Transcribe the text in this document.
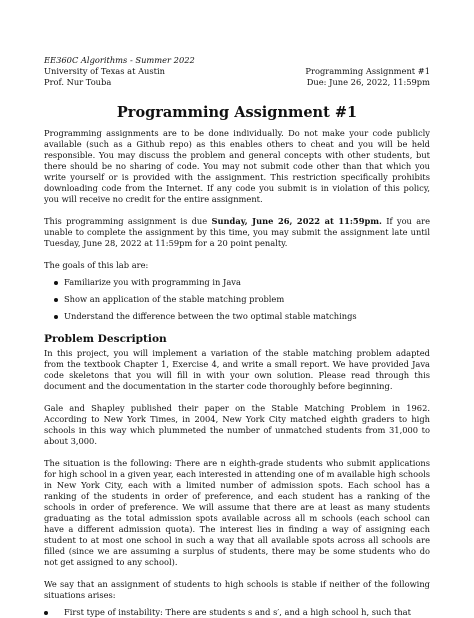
EE360C Algorithms - Summer 2022
University of Texas at Austin	Programming Assignment #1
Prof. Nur Touba	Due: June 26, 2022, 11:59pm
Programming Assignment #1

Programming assignments are to be done individually. Do not make your code publicly available (such as a Github repo) as this enables others to cheat and you will be held responsible. You may discuss the problem and general concepts with other students, but there should be no sharing of code. You may not submit code other than that which you write yourself or is provided with the assignment. This restriction specifically prohibits downloading code from the Internet. If any code you submit is in violation of this policy, you will receive no credit for the entire assignment.

This programming assignment is due Sunday, June 26, 2022 at 11:59pm. If you are unable to complete the assignment by this time, you may submit the assignment late until Tuesday, June 28, 2022 at 11:59pm for a 20 point penalty.

The goals of this lab are:

Familiarize you with programming in Java
Show an application of the stable matching problem
Understand the difference between the two optimal stable matchings
Problem Description

In this project, you will implement a variation of the stable matching problem adapted from the textbook Chapter 1, Exercise 4, and write a small report. We have provided Java code skeletons that you will fill in with your own solution. Please read through this document and the documentation in the starter code thoroughly before beginning.

Gale and Shapley published their paper on the Stable Matching Problem in 1962. According to New York Times, in 2004, New York City matched eighth graders to high schools in this way which plummeted the number of unmatched students from 31,000 to about 3,000.

The situation is the following: There are n eighth-grade students who submit applications for high school in a given year, each interested in attending one of m available high schools in New York City, each with a limited number of admission spots. Each school has a ranking of the students in order of preference, and each student has a ranking of the schools in order of preference. We will assume that there are at least as many students graduating as the total admission spots available across all m schools (each school can have a different admission quota). The interest lies in finding a way of assigning each student to at most one school in such a way that all available spots across all schools are filled (since we are assuming a surplus of students, there may be some students who do not get assigned to any school).

We say that an assignment of students to high schools is stable if neither of the following situations arises:

First type of instability: There are students s and s′, and a high school h, such that
